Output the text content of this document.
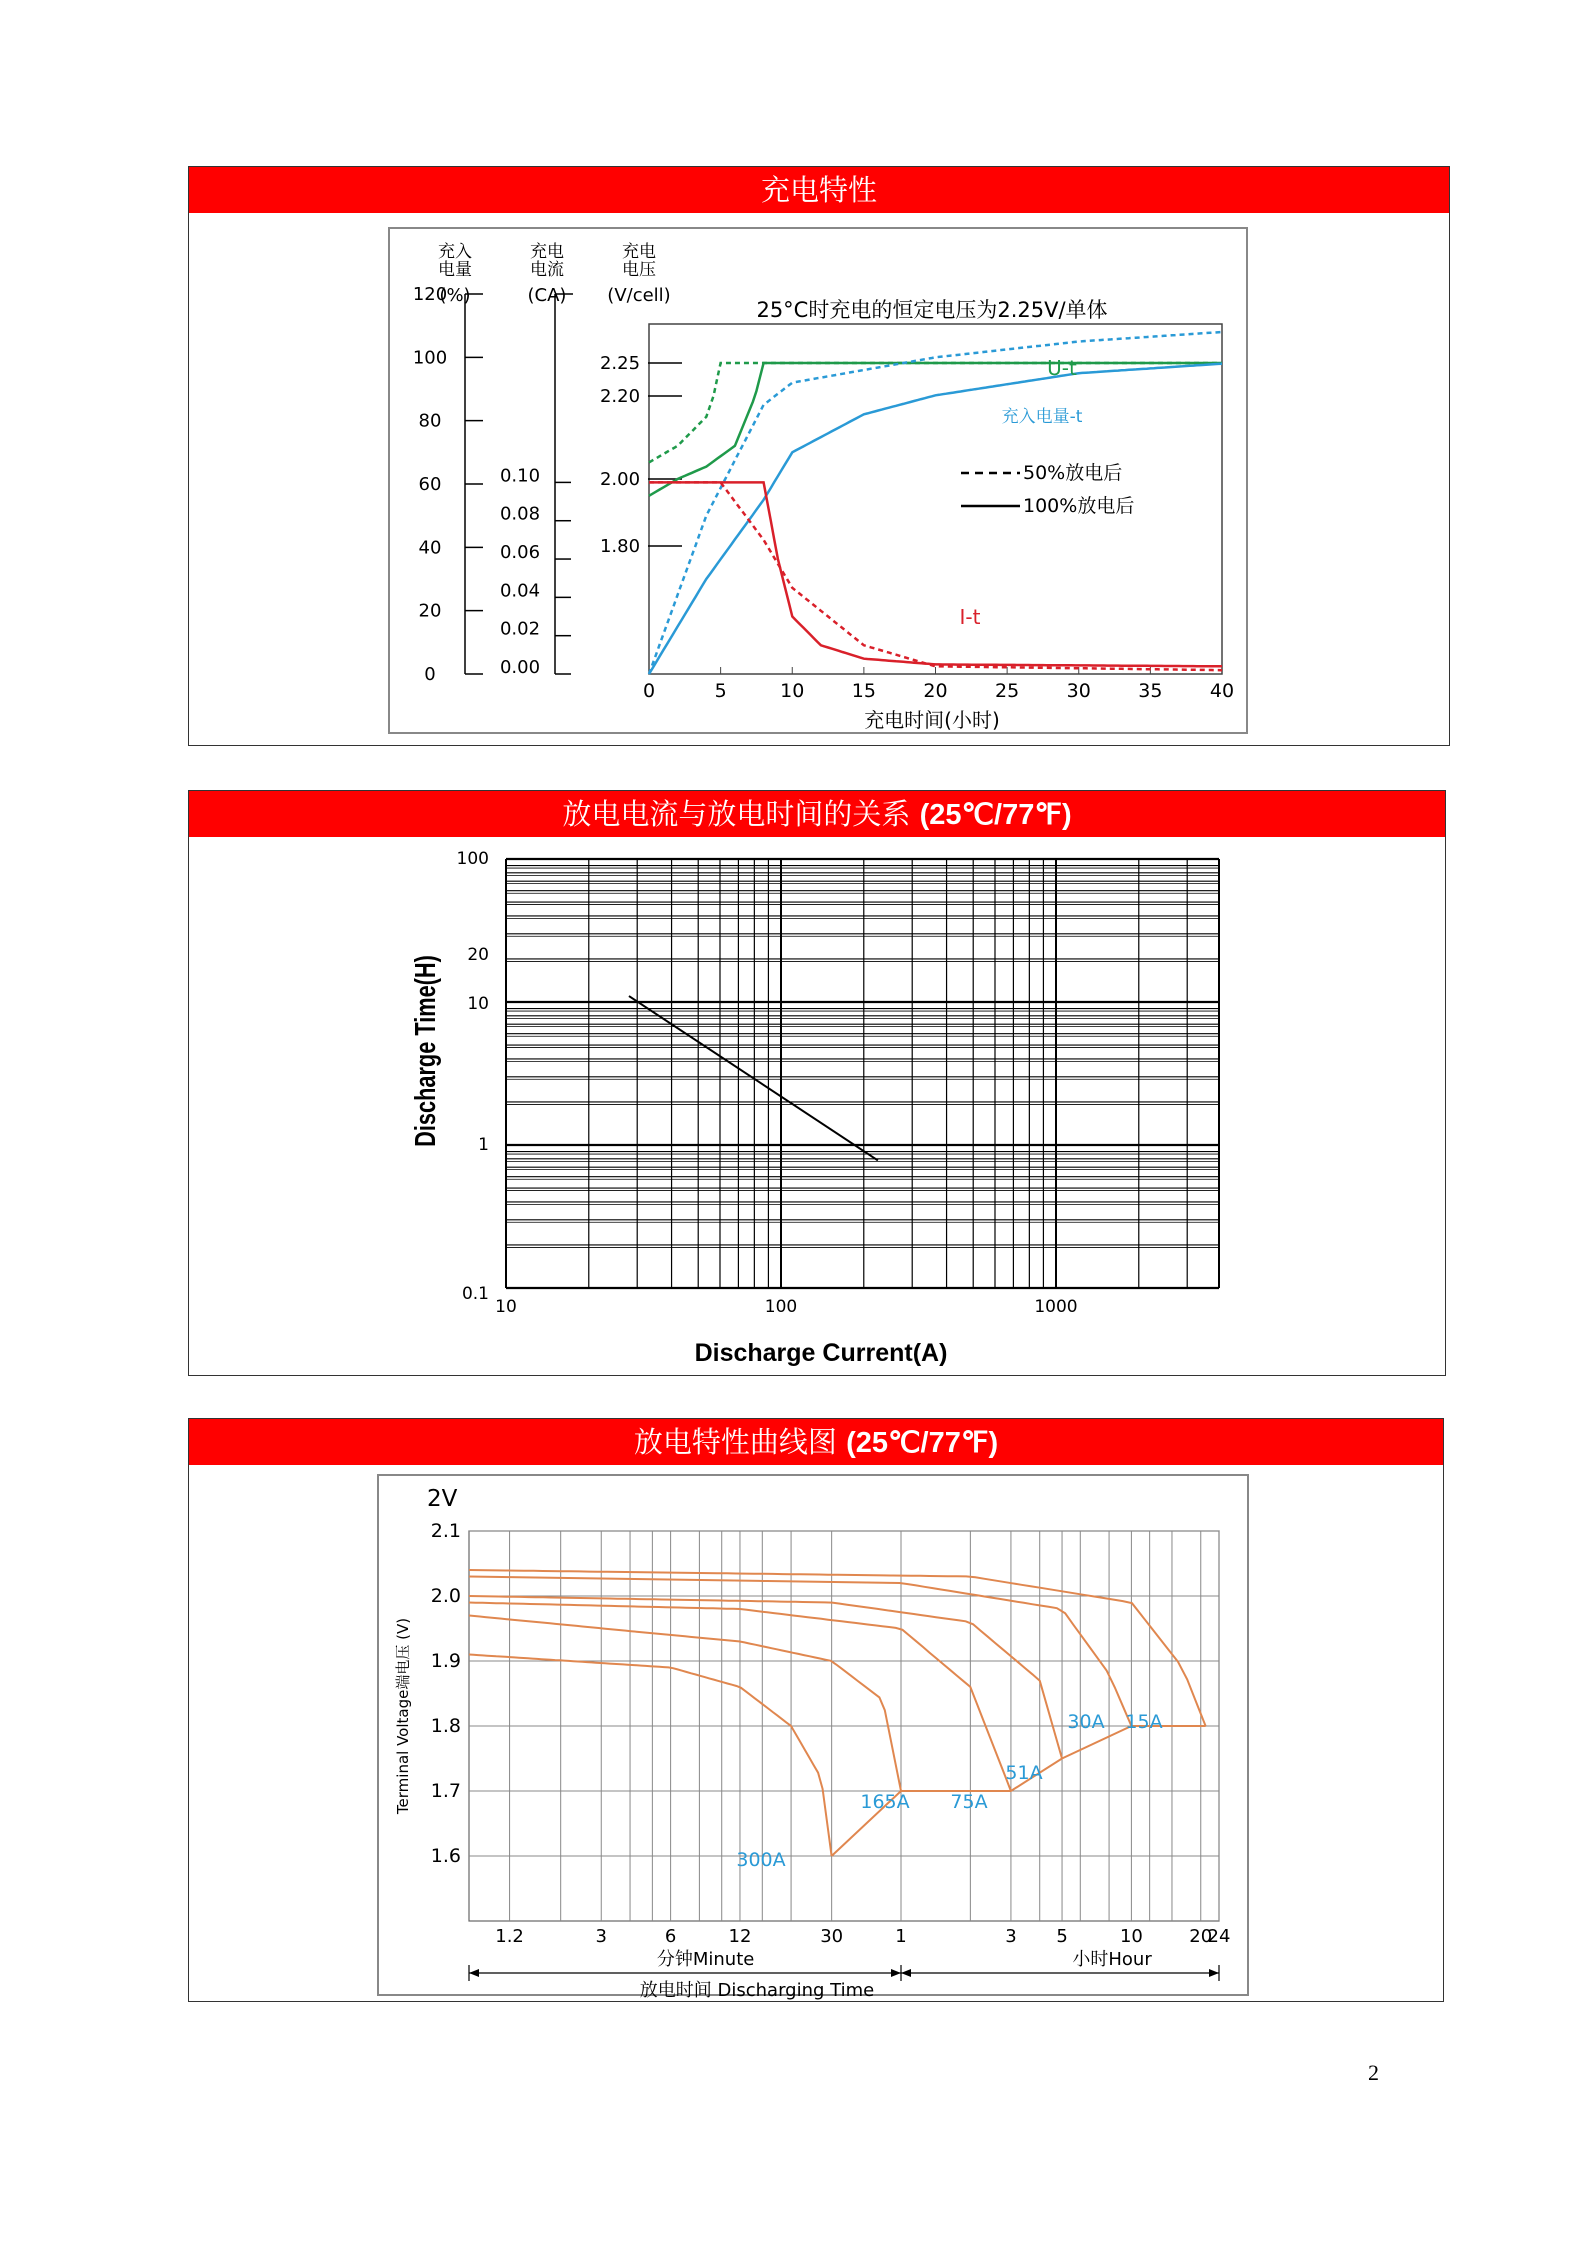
充电特性
充入
电量
(%)
充电
电流
(CA)
充电
电压
(V/cell)
120
100
80
60
40
20
0
0.10
0.08
0.06
0.04
0.02
0.00
2.25
2.20
2.00
1.80
25°C时充电的恒定电压为2.25V/单体
0	5	10 15 20 25 30 35 40
充电时间(小时)
U-t
充入电量-t
I-t
50%放电后
100%放电后
放电电流与放电时间的关系 (25℃/77℉)
100
20
10
1
0.1
10	100	1000
Discharge Current(A)
Discharge Time(H)
放电特性曲线图 (25℃/77℉)
300A
165A 75A
51A
30A 15A
2.1
2.0
1.9
1.8
1.7
1.6
2V
Terminal Voltage端电压 (V)
1.2	3	6	12	30	1	3 5	10	20
24
分钟Minute	小时Hour
放电时间 Discharging Time
2
